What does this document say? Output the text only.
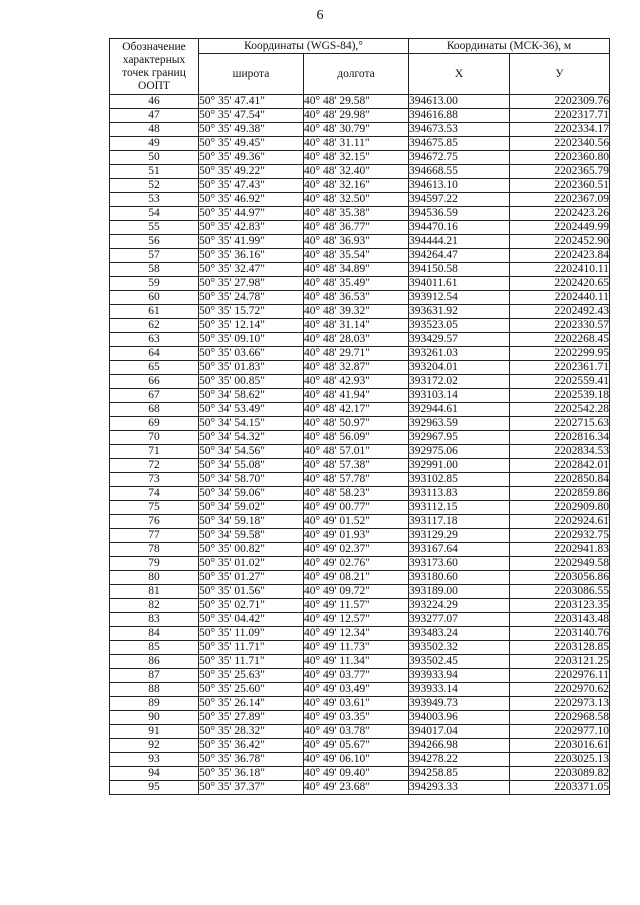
6
Обозначение характерных точек границ ООПТ	Координаты (WGS-84),°		Координаты (МСК-36), м	
	широта	долгота	Х	У
46	50° 35' 47.41"	40° 48' 29.58"	394613.00	2202309.76
47	50° 35' 47.54"	40° 48' 29.98"	394616.88	2202317.71
48	50° 35' 49.38"	40° 48' 30.79"	394673.53	2202334.17
49	50° 35' 49.45"	40° 48' 31.11"	394675.85	2202340.56
50	50° 35' 49.36"	40° 48' 32.15"	394672.75	2202360.80
51	50° 35' 49.22"	40° 48' 32.40"	394668.55	2202365.79
52	50° 35' 47.43"	40° 48' 32.16"	394613.10	2202360.51
53	50° 35' 46.92"	40° 48' 32.50"	394597.22	2202367.09
54	50° 35' 44.97"	40° 48' 35.38"	394536.59	2202423.26
55	50° 35' 42.83"	40° 48' 36.77"	394470.16	2202449.99
56	50° 35' 41.99"	40° 48' 36.93"	394444.21	2202452.90
57	50° 35' 36.16"	40° 48' 35.54"	394264.47	2202423.84
58	50° 35' 32.47"	40° 48' 34.89"	394150.58	2202410.11
59	50° 35' 27.98"	40° 48' 35.49"	394011.61	2202420.65
60	50° 35' 24.78"	40° 48' 36.53"	393912.54	2202440.11
61	50° 35' 15.72"	40° 48' 39.32"	393631.92	2202492.43
62	50° 35' 12.14"	40° 48' 31.14"	393523.05	2202330.57
63	50° 35' 09.10"	40° 48' 28.03"	393429.57	2202268.45
64	50° 35' 03.66"	40° 48' 29.71"	393261.03	2202299.95
65	50° 35' 01.83"	40° 48' 32.87"	393204.01	2202361.71
66	50° 35' 00.85"	40° 48' 42.93"	393172.02	2202559.41
67	50° 34' 58.62"	40° 48' 41.94"	393103.14	2202539.18
68	50° 34' 53.49"	40° 48' 42.17"	392944.61	2202542.28
69	50° 34' 54.15"	40° 48' 50.97"	392963.59	2202715.63
70	50° 34' 54.32"	40° 48' 56.09"	392967.95	2202816.34
71	50° 34' 54.56"	40° 48' 57.01"	392975.06	2202834.53
72	50° 34' 55.08"	40° 48' 57.38"	392991.00	2202842.01
73	50° 34' 58.70"	40° 48' 57.78"	393102.85	2202850.84
74	50° 34' 59.06"	40° 48' 58.23"	393113.83	2202859.86
75	50° 34' 59.02"	40° 49' 00.77"	393112.15	2202909.80
76	50° 34' 59.18"	40° 49' 01.52"	393117.18	2202924.61
77	50° 34' 59.58"	40° 49' 01.93"	393129.29	2202932.75
78	50° 35' 00.82"	40° 49' 02.37"	393167.64	2202941.83
79	50° 35' 01.02"	40° 49' 02.76"	393173.60	2202949.58
80	50° 35' 01.27"	40° 49' 08.21"	393180.60	2203056.86
81	50° 35' 01.56"	40° 49' 09.72"	393189.00	2203086.55
82	50° 35' 02.71"	40° 49' 11.57"	393224.29	2203123.35
83	50° 35' 04.42"	40° 49' 12.57"	393277.07	2203143.48
84	50° 35' 11.09"	40° 49' 12.34"	393483.24	2203140.76
85	50° 35' 11.71"	40° 49' 11.73"	393502.32	2203128.85
86	50° 35' 11.71"	40° 49' 11.34"	393502.45	2203121.25
87	50° 35' 25.63"	40° 49' 03.77"	393933.94	2202976.11
88	50° 35' 25.60"	40° 49' 03.49"	393933.14	2202970.62
89	50° 35' 26.14"	40° 49' 03.61"	393949.73	2202973.13
90	50° 35' 27.89"	40° 49' 03.35"	394003.96	2202968.58
91	50° 35' 28.32"	40° 49' 03.78"	394017.04	2202977.10
92	50° 35' 36.42"	40° 49' 05.67"	394266.98	2203016.61
93	50° 35' 36.78"	40° 49' 06.10"	394278.22	2203025.13
94	50° 35' 36.18"	40° 49' 09.40"	394258.85	2203089.82
95	50° 35' 37.37"	40° 49' 23.68"	394293.33	2203371.05
